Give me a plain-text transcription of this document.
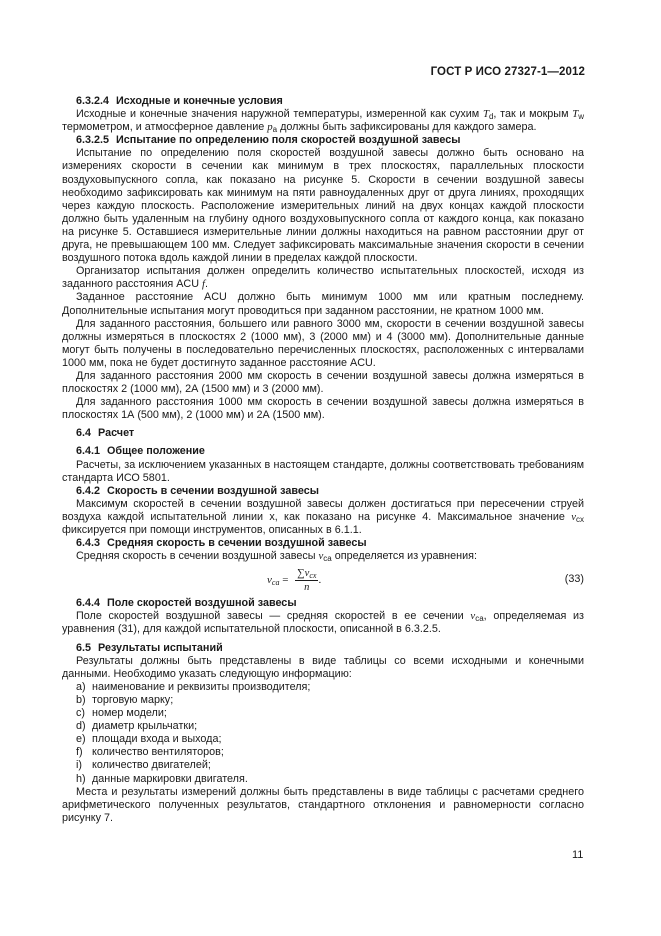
ГОСТ Р ИСО 27327-1—2012

6.3.2.4 Исходные и конечные условия

Исходные и конечные значения наружной температуры, измеренной как сухим $T_d$, так и мокрым $T_w$ термометром, и атмосферное давление $p_a$ должны быть зафиксированы для каждого замера.

6.3.2.5 Испытание по определению поля скоростей воздушной завесы

Испытание по определению поля скоростей воздушной завесы должно быть основано на измерениях скорости в сечении как минимум в трех плоскостях, параллельных плоскости воздуховыпускного сопла, как показано на рисунке 5. Скорости в сечении воздушной завесы необходимо зафиксировать как минимум на пяти равноудаленных друг от друга линиях, проходящих через каждую плоскость. Расположение измерительных линий на двух концах каждой плоскости должно быть удаленным на глубину одного воздуховыпускного сопла от каждого конца, как показано на рисунке 5. Оставшиеся измерительные линии должны находиться на равном расстоянии друг от друга, не превышающем 100 мм. Следует зафиксировать максимальные значения скорости в сечении воздушного потока вдоль каждой линии в пределах каждой плоскости.

Организатор испытания должен определить количество испытательных плоскостей, исходя из заданного расстояния ACU f.

Заданное расстояние ACU должно быть минимум 1000 мм или кратным последнему. Дополнительные испытания могут проводиться при заданном расстоянии, не кратном 1000 мм.

Для заданного расстояния, большего или равного 3000 мм, скорости в сечении воздушной завесы должны измеряться в плоскостях 2 (1000 мм), 3 (2000 мм) и 4 (3000 мм). Дополнительные данные могут быть получены в последовательно перечисленных плоскостях, расположенных с интервалами 1000 мм, пока не будет достигнуто заданное расстояние ACU.

Для заданного расстояния 2000 мм скорость в сечении воздушной завесы должна измеряться в плоскостях 2 (1000 мм), 2А (1500 мм) и 3 (2000 мм).

Для заданного расстояния 1000 мм скорость в сечении воздушной завесы должна измеряться в плоскостях 1А (500 мм), 2 (1000 мм) и 2А (1500 мм).

6.4 Расчет

6.4.1 Общее положение

Расчеты, за исключением указанных в настоящем стандарте, должны соответствовать требованиям стандарта ИСО 5801.

6.4.2 Скорость в сечении воздушной завесы

Максимум скоростей в сечении воздушной завесы должен достигаться при пересечении струей воздуха каждой испытательной линии x, как показано на рисунке 4. Максимальное значение $v_{cx}$ фиксируется при помощи инструментов, описанных в 6.1.1.

6.4.3 Средняя скорость в сечении воздушной завесы

Средняя скорость в сечении воздушной завесы $v_{ca}$ определяется из уравнения:

$v_{ca} = \frac{\sum v_{cx}}{n}$ .	(33)

6.4.4 Поле скоростей воздушной завесы

Поле скоростей воздушной завесы — средняя скоростей в ее сечении $v_{ca}$, определяемая из уравнения (31), для каждой испытательной плоскости, описанной в 6.3.2.5.

6.5 Результаты испытаний

Результаты должны быть представлены в виде таблицы со всеми исходными и конечными данными. Необходимо указать следующую информацию:

a) наименование и реквизиты производителя;
b) торговую марку;
c) номер модели;
d) диаметр крыльчатки;
e) площади входа и выхода;
f) количество вентиляторов;
i) количество двигателей;
h) данные маркировки двигателя.

Места и результаты измерений должны быть представлены в виде таблицы с расчетами среднего арифметического полученных результатов, стандартного отклонения и равномерности согласно рисунку 7.

11
